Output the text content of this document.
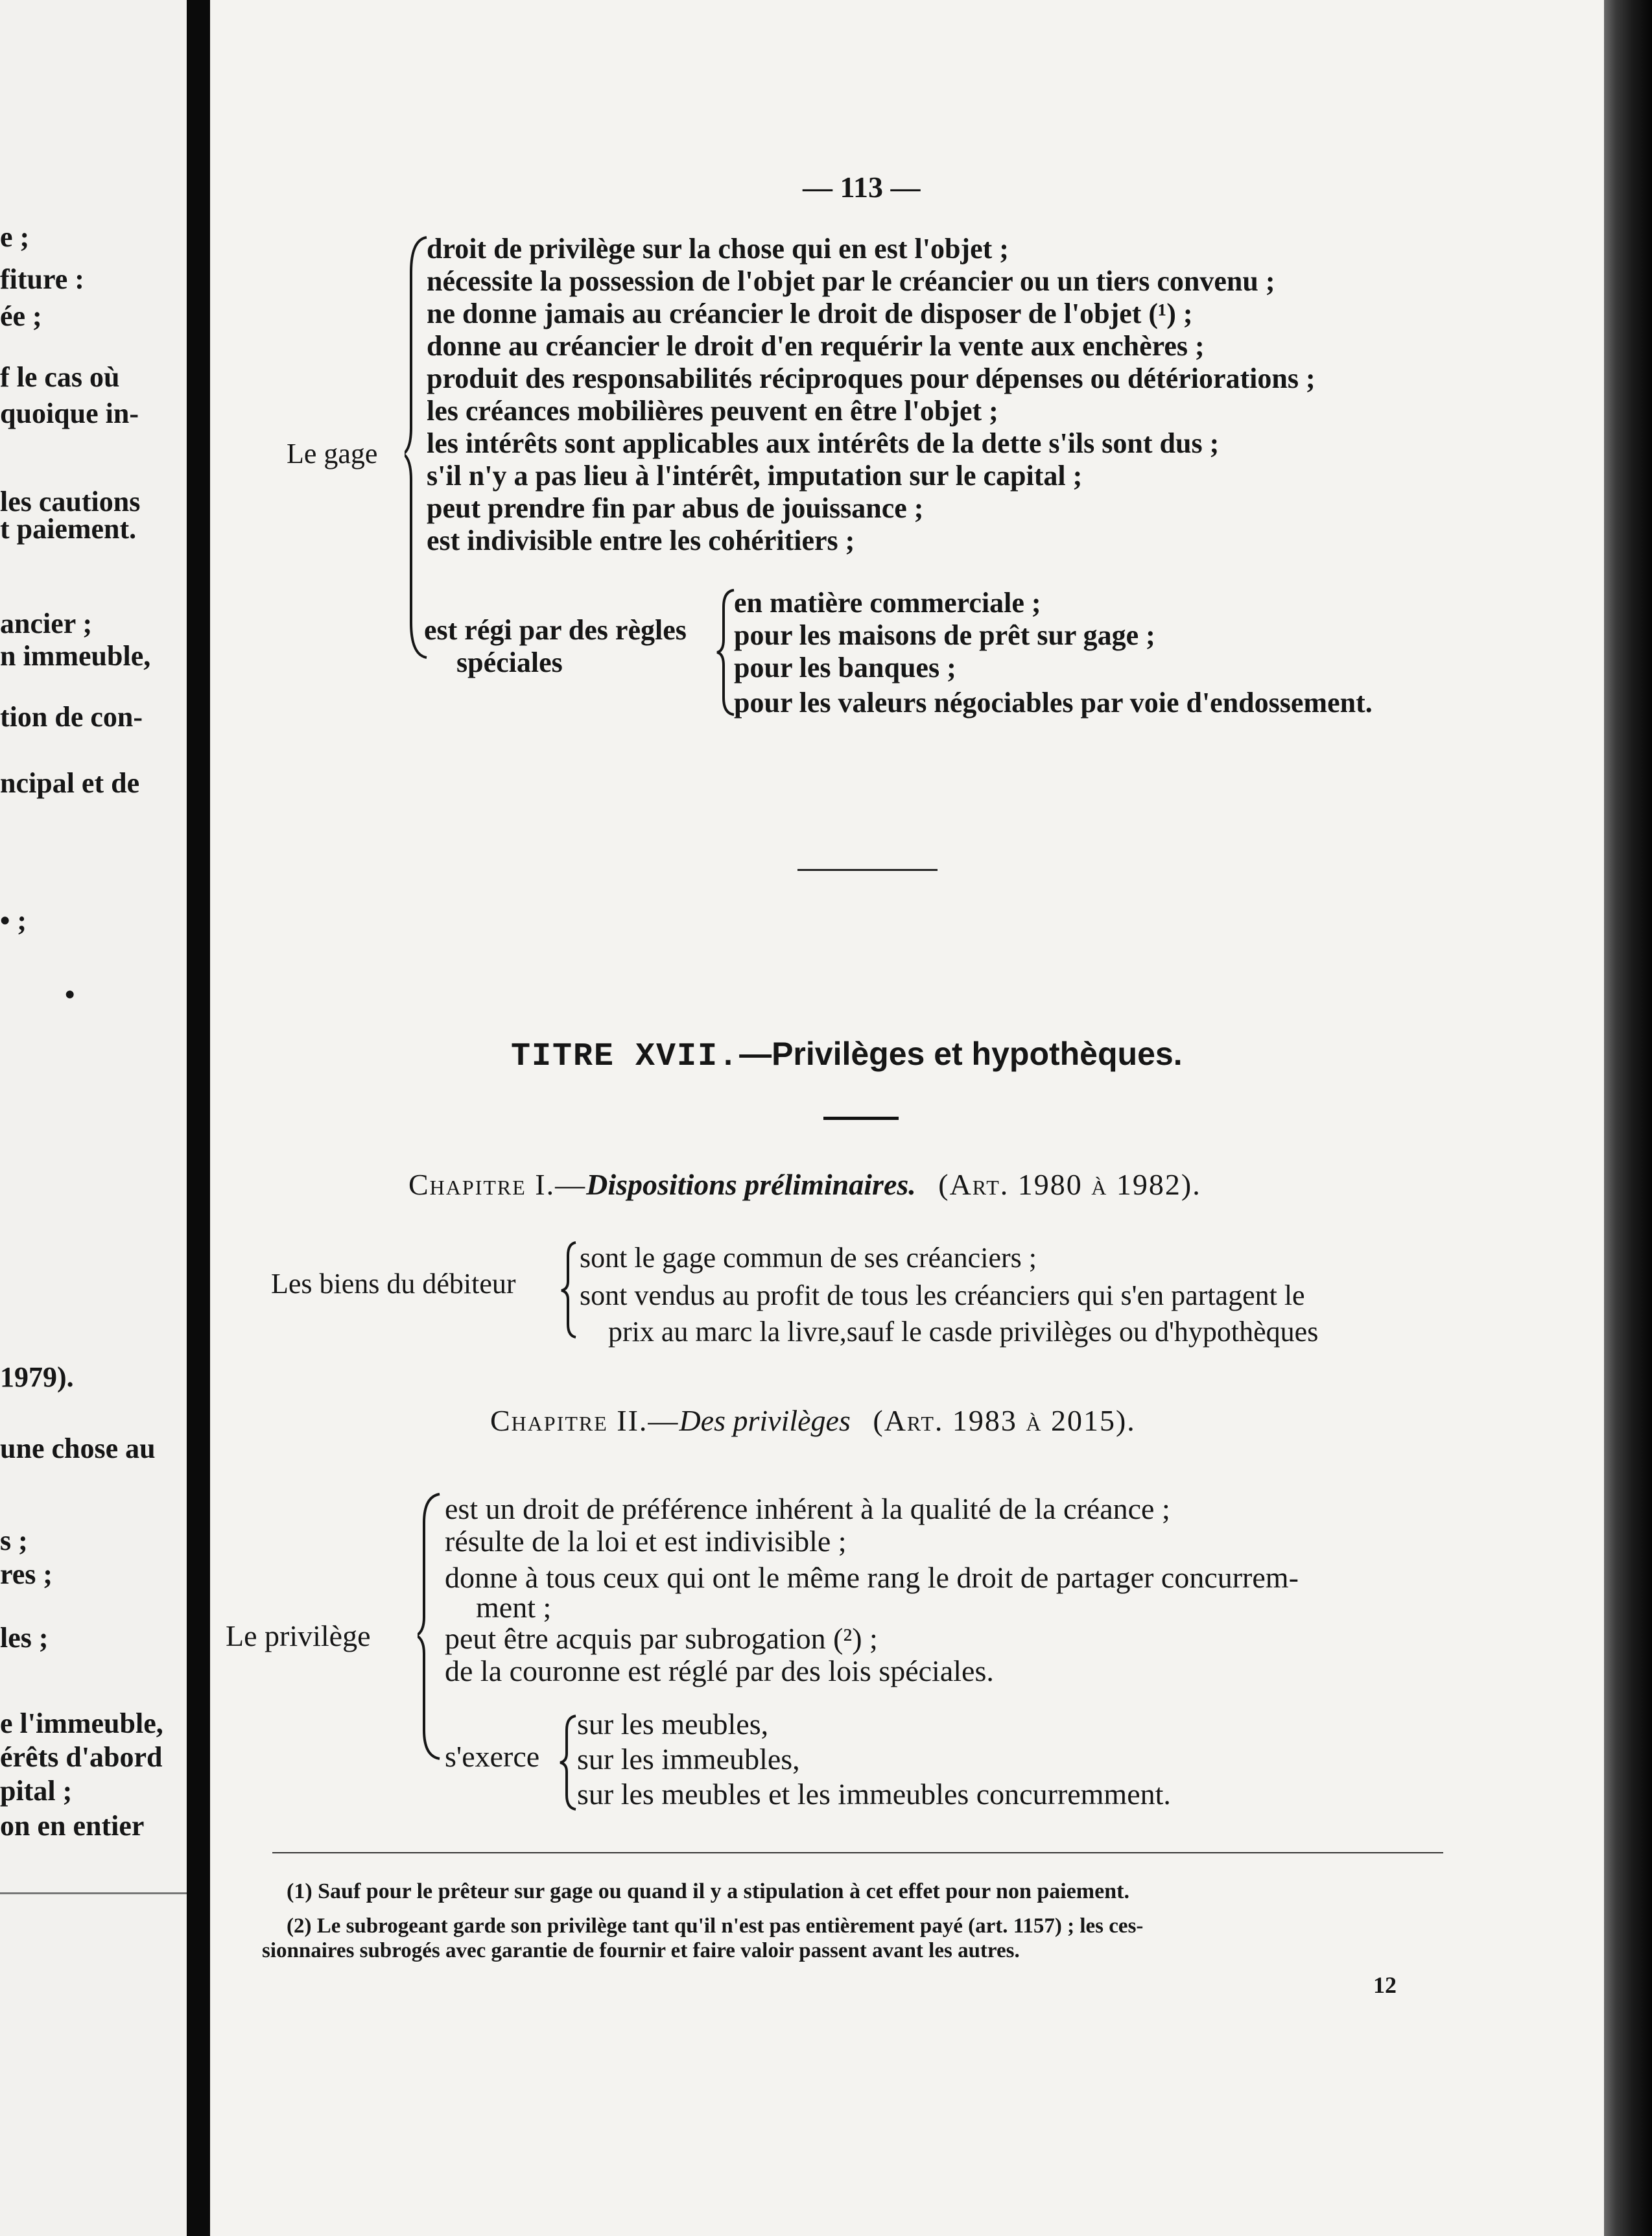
e ;
fiture :
ée ;
f le cas où
quoique in-
les cautions
t paiement.
ancier ;
n immeuble,
tion de con-
ncipal et de
• ;
•
1979).
une chose au
s ;
res ;
les ;
e l'immeuble,
érêts d'abord
pital ;
on en entier
— 113 —
Le gage
droit de privilège sur la chose qui en est l'objet ;
nécessite la possession de l'objet par le créancier ou un tiers convenu ;
ne donne jamais au créancier le droit de disposer de l'objet (¹) ;
donne au créancier le droit d'en requérir la vente aux enchères ;
produit des responsabilités réciproques pour dépenses ou détériorations ;
les créances mobilières peuvent en être l'objet ;
les intérêts sont applicables aux intérêts de la dette s'ils sont dus ;
s'il n'y a pas lieu à l'intérêt, imputation sur le capital ;
peut prendre fin par abus de jouissance ;
est indivisible entre les cohéritiers ;
est régi par des règles
spéciales
en matière commerciale ;
pour les maisons de prêt sur gage ;
pour les banques ;
pour les valeurs négociables par voie d'endossement.
TITRE XVII.—Privilèges et hypothèques.
Chapitre I.—Dispositions préliminaires. (Art. 1980 à 1982).
Les biens du débiteur
sont le gage commun de ses créanciers ;
sont vendus au profit de tous les créanciers qui s'en partagent le
prix au marc la livre,sauf le casde privilèges ou d'hypothèques
Chapitre II.—Des privilèges (Art. 1983 à 2015).
Le privilège
est un droit de préférence inhérent à la qualité de la créance ;
résulte de la loi et est indivisible ;
donne à tous ceux qui ont le même rang le droit de partager concurrem-
ment ;
peut être acquis par subrogation (²) ;
de la couronne est réglé par des lois spéciales.
s'exerce
sur les meubles,
sur les immeubles,
sur les meubles et les immeubles concurremment.
(1) Sauf pour le prêteur sur gage ou quand il y a stipulation à cet effet pour non paiement.
(2) Le subrogeant garde son privilège tant qu'il n'est pas entièrement payé (art. 1157) ; les ces-
sionnaires subrogés avec garantie de fournir et faire valoir passent avant les autres.
12
